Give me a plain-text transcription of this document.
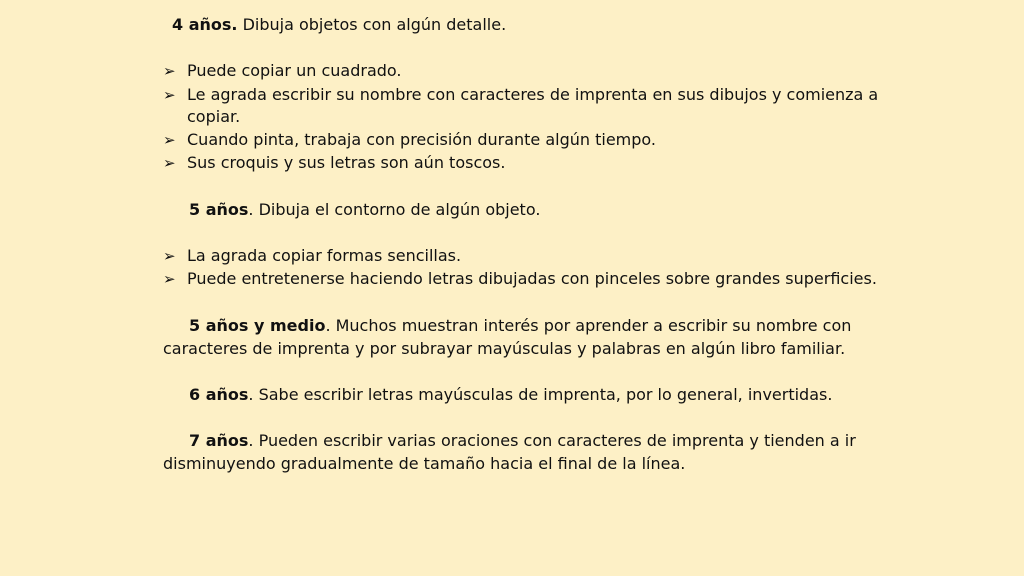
4 años. Dibuja objetos con algún detalle.
➢ Puede copiar un cuadrado.
➢ Le agrada escribir su nombre con caracteres de imprenta en sus dibujos y comienza a
copiar.
➢ Cuando pinta, trabaja con precisión durante algún tiempo.
➢ Sus croquis y sus letras son aún toscos.
5 años. Dibuja el contorno de algún objeto.
➢ La agrada copiar formas sencillas.
➢ Puede entretenerse haciendo letras dibujadas con pinceles sobre grandes superficies.
5 años y medio. Muchos muestran interés por aprender a escribir su nombre con
caracteres de imprenta y por subrayar mayúsculas y palabras en algún libro familiar.
6 años. Sabe escribir letras mayúsculas de imprenta, por lo general, invertidas.
7 años. Pueden escribir varias oraciones con caracteres de imprenta y tienden a ir
disminuyendo gradualmente de tamaño hacia el final de la línea.
